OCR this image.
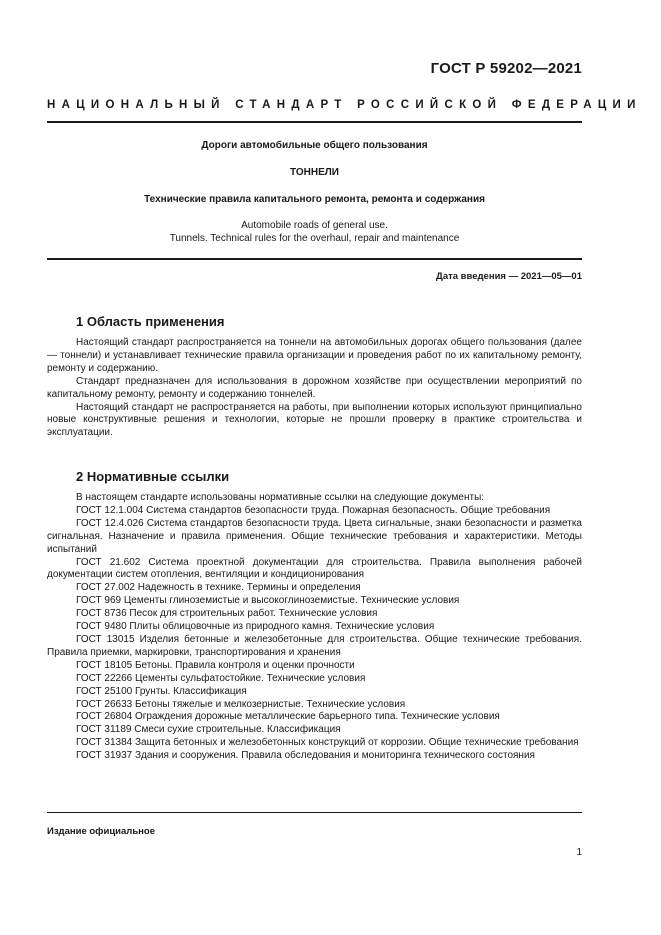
ГОСТ Р 59202—2021
НАЦИОНАЛЬНЫЙ СТАНДАРТ РОССИЙСКОЙ ФЕДЕРАЦИИ
Дороги автомобильные общего пользования
ТОННЕЛИ
Технические правила капитального ремонта, ремонта и содержания
Automobile roads of general use.
Tunnels. Technical rules for the overhaul, repair and maintenance
Дата введения — 2021—05—01
1 Область применения

Настоящий стандарт распространяется на тоннели на автомобильных дорогах общего пользования (далее — тоннели) и устанавливает технические правила организации и проведения работ по их капитальному ремонту, ремонту и содержанию.

Стандарт предназначен для использования в дорожном хозяйстве при осуществлении мероприятий по капитальному ремонту, ремонту и содержанию тоннелей.

Настоящий стандарт не распространяется на работы, при выполнении которых используют принципиально новые конструктивные решения и технологии, которые не прошли проверку в практике строительства и эксплуатации.

2 Нормативные ссылки

В настоящем стандарте использованы нормативные ссылки на следующие документы:

ГОСТ 12.1.004 Система стандартов безопасности труда. Пожарная безопасность. Общие требования

ГОСТ 12.4.026 Система стандартов безопасности труда. Цвета сигнальные, знаки безопасности и разметка сигнальная. Назначение и правила применения. Общие технические требования и характеристики. Методы испытаний

ГОСТ 21.602 Система проектной документации для строительства. Правила выполнения рабочей документации систем отопления, вентиляции и кондиционирования

ГОСТ 27.002 Надежность в технике. Термины и определения

ГОСТ 969 Цементы глиноземистые и высокоглиноземистые. Технические условия

ГОСТ 8736 Песок для строительных работ. Технические условия

ГОСТ 9480 Плиты облицовочные из природного камня. Технические условия

ГОСТ 13015 Изделия бетонные и железобетонные для строительства. Общие технические требования. Правила приемки, маркировки, транспортирования и хранения

ГОСТ 18105 Бетоны. Правила контроля и оценки прочности

ГОСТ 22266 Цементы сульфатостойкие. Технические условия

ГОСТ 25100 Грунты. Классификация

ГОСТ 26633 Бетоны тяжелые и мелкозернистые. Технические условия

ГОСТ 26804 Ограждения дорожные металлические барьерного типа. Технические условия

ГОСТ 31189 Смеси сухие строительные. Классификация

ГОСТ 31384 Защита бетонных и железобетонных конструкций от коррозии. Общие технические требования

ГОСТ 31937 Здания и сооружения. Правила обследования и мониторинга технического состояния

Издание официальное
1
